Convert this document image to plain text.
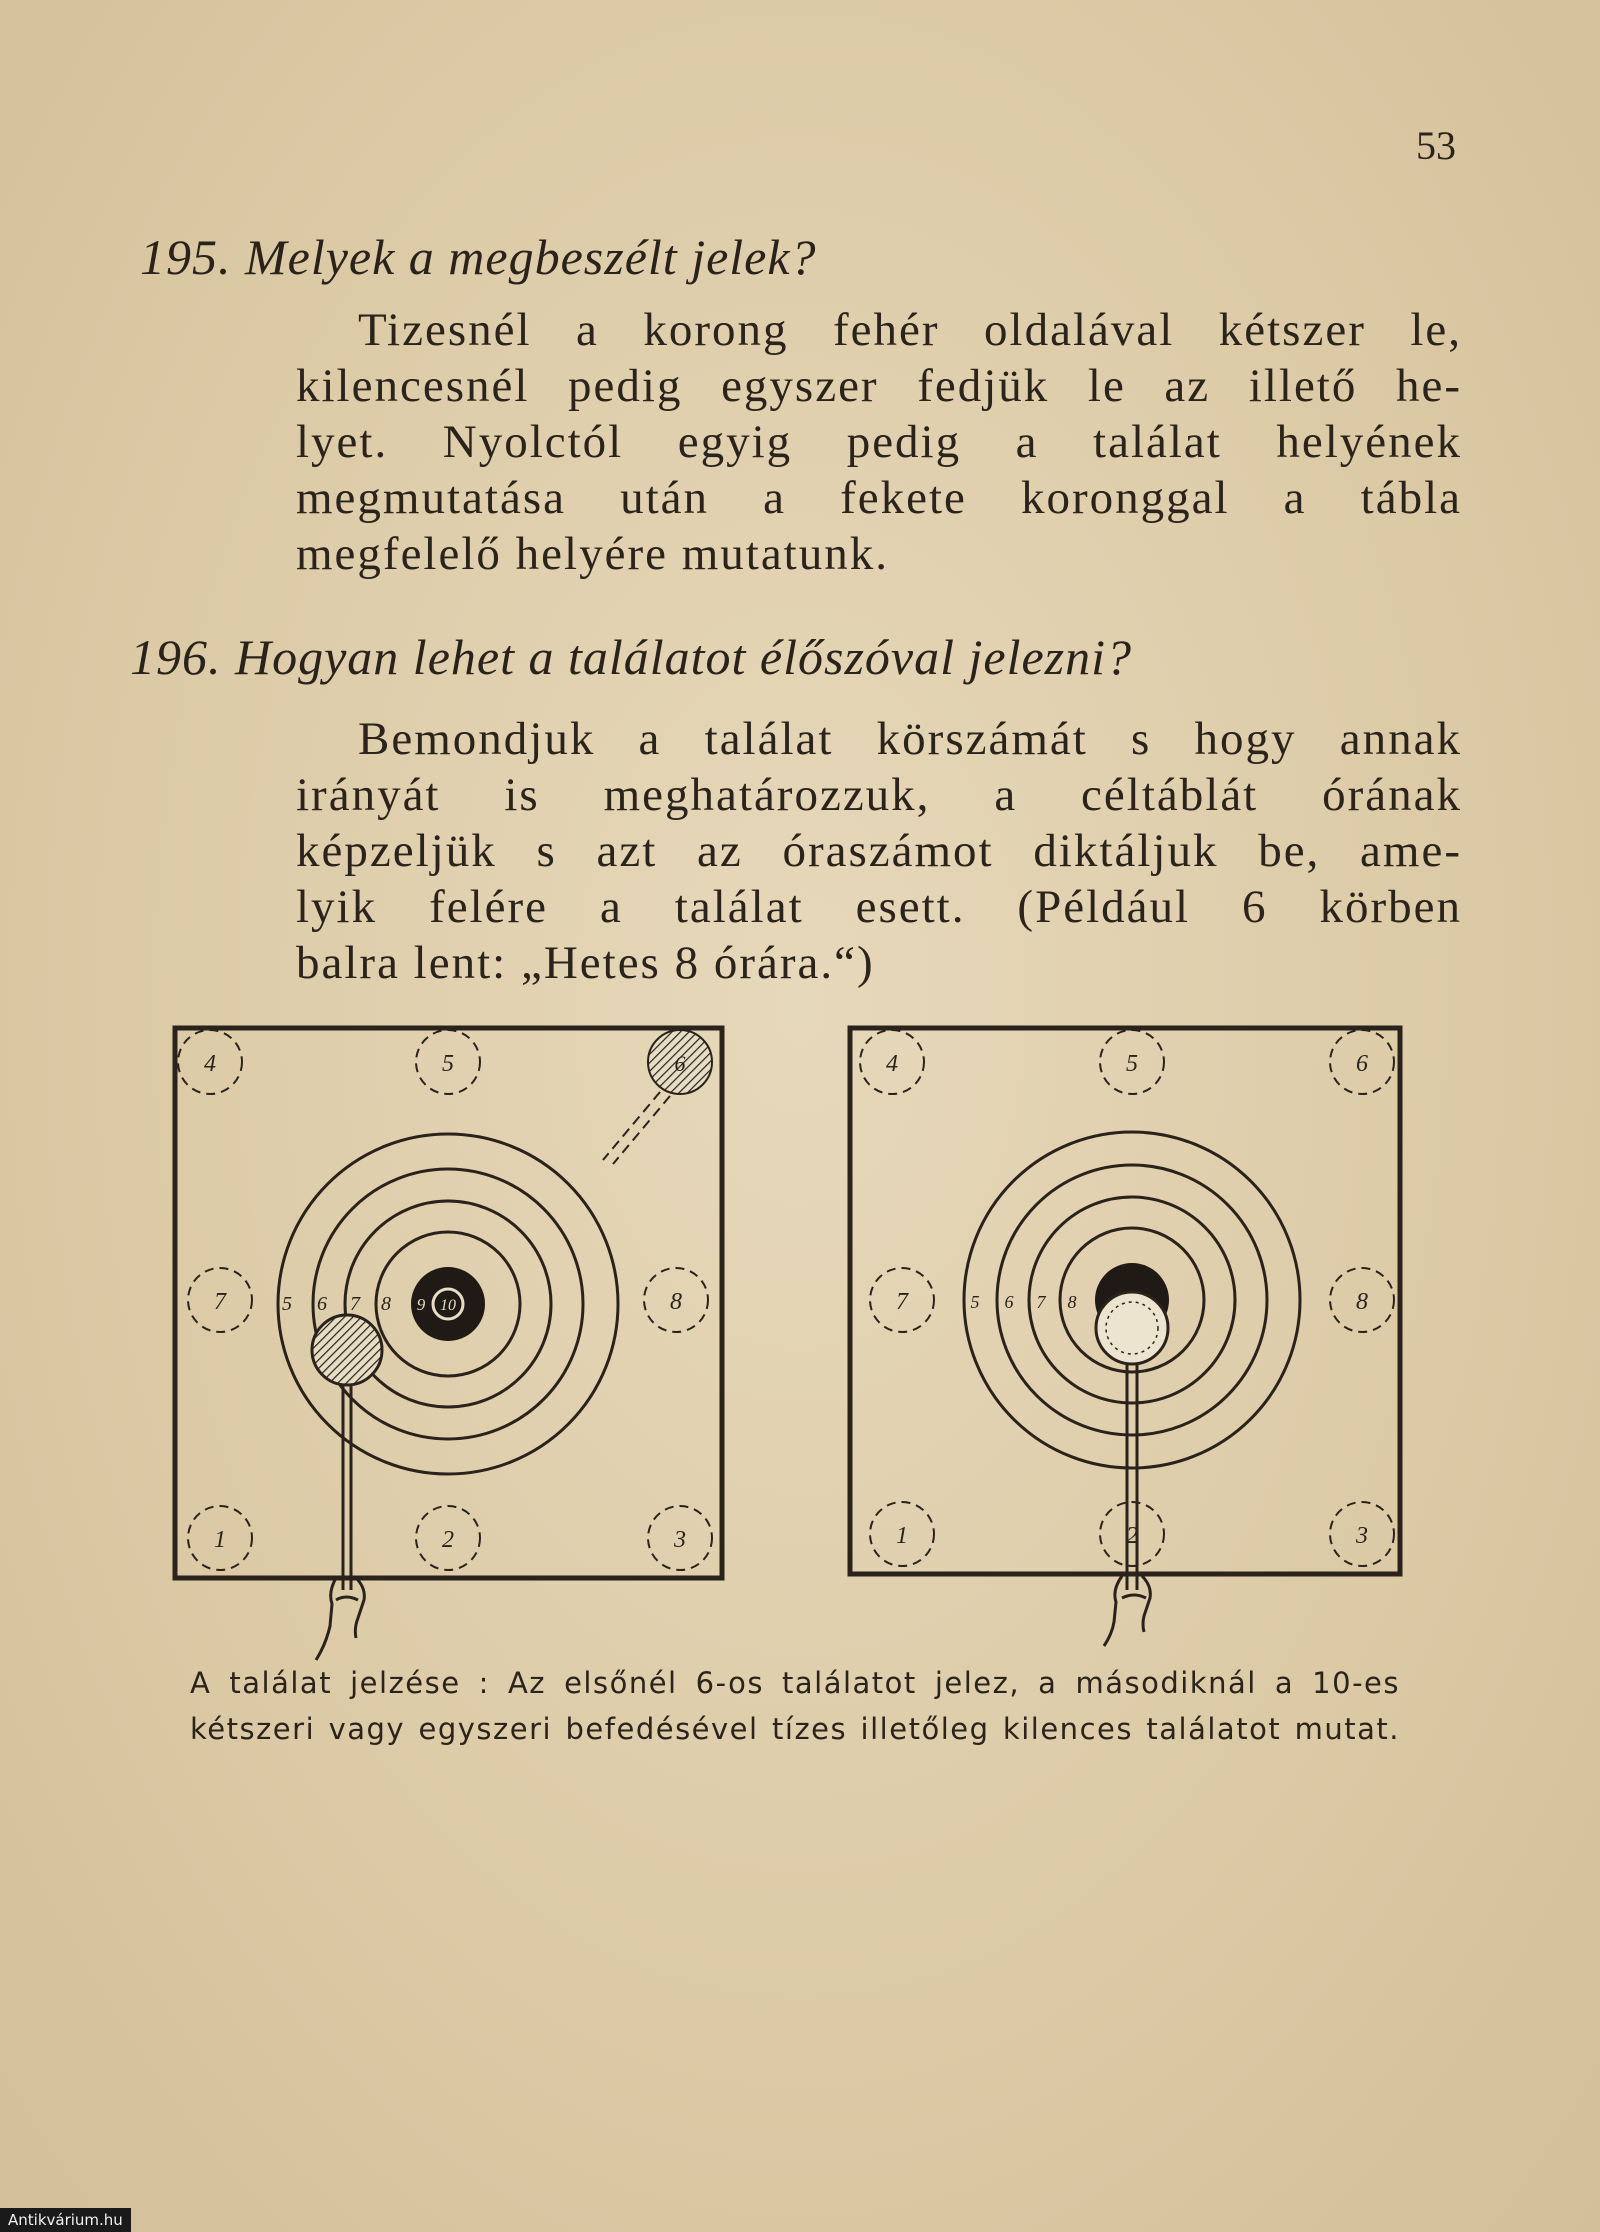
53
195. Melyek a megbeszélt jelek?
Tizesnél a korong fehér oldalával kétszer le,
kilencesnél pedig egyszer fedjük le az illető he-
lyet. Nyolctól egyig pedig a találat helyének
megmutatása után a fekete koronggal a tábla
megfelelő helyére mutatunk.
196. Hogyan lehet a találatot élőszóval jelezni?
Bemondjuk a találat körszámát s hogy annak
irányát is meghatározzuk, a céltáblát órának
képzeljük s azt az óraszámot diktáljuk be, ame-
lyik felére a találat esett. (Például 6 körben
balra lent: „Hetes 8 órára.“)
5 6 7 8 9 10
4	5	6
7	8
1	2	3
5 6 7 8
4	5	6
7	8
1	2	3
A találat jelzése : Az elsőnél 6-os találatot jelez, a másodiknál a 10-es
kétszeri vagy egyszeri befedésével tízes illetőleg kilences találatot mutat.
Antikvárium.hu
